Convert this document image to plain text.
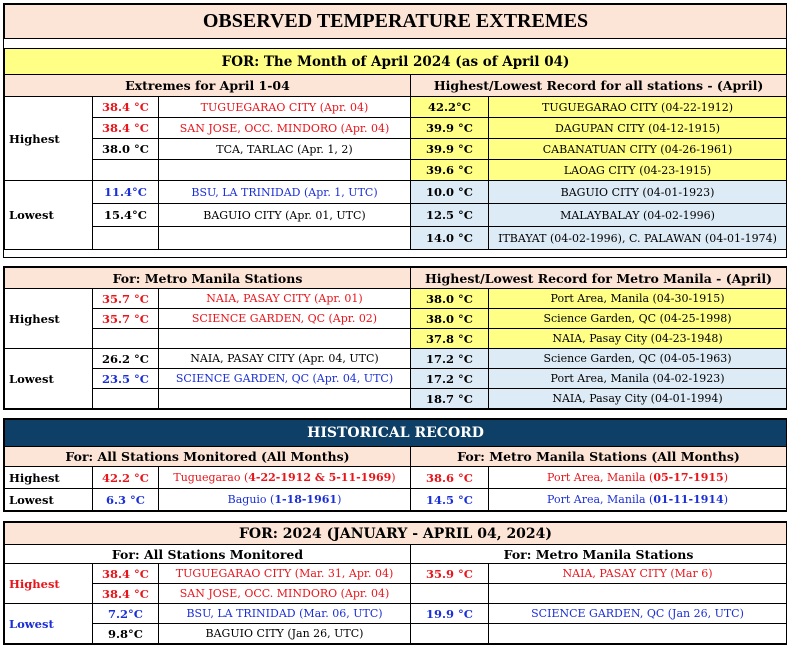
OBSERVED TEMPERATURE EXTREMES				

FOR: The Month of April 2024 (as of April 04)				
Extremes for April 1-04			Highest/Lowest Record for all stations - (April)	
Highest	38.4 °C	TUGUEGARAO CITY (Apr. 04)	42.2°C	TUGUEGARAO CITY (04-22-1912)
	38.4 °C	SAN JOSE, OCC. MINDORO (Apr. 04)	39.9 °C	DAGUPAN CITY (04-12-1915)
	38.0 °C	TCA, TARLAC (Apr. 1, 2)	39.9 °C	CABANATUAN CITY (04-26-1961)
			39.6 °C	LAOAG CITY (04-23-1915)
Lowest	11.4°C	BSU, LA TRINIDAD (Apr. 1, UTC)	10.0 °C	BAGUIO CITY (04-01-1923)
	15.4°C	BAGUIO CITY (Apr. 01, UTC)	12.5 °C	MALAYBALAY (04-02-1996)
			14.0 °C	ITBAYAT (04-02-1996), C. PALAWAN (04-01-1974)
For: Metro Manila Stations			Highest/Lowest Record for Metro Manila - (April)	
Highest	35.7 °C	NAIA, PASAY CITY (Apr. 01)	38.0 °C	Port Area, Manila (04-30-1915)
	35.7 °C	SCIENCE GARDEN, QC (Apr. 02)	38.0 °C	Science Garden, QC (04-25-1998)
			37.8 °C	NAIA, Pasay City (04-23-1948)
Lowest	26.2 °C	NAIA, PASAY CITY (Apr. 04, UTC)	17.2 °C	Science Garden, QC (04-05-1963)
	23.5 °C	SCIENCE GARDEN, QC (Apr. 04, UTC)	17.2 °C	Port Area, Manila (04-02-1923)
			18.7 °C	NAIA, Pasay City (04-01-1994)
HISTORICAL RECORD				
For: All Stations Monitored (All Months)			For: Metro Manila Stations (All Months)	
Highest	42.2 °C	Tuguegarao (4-22-1912 & 5-11-1969)	38.6 °C	Port Area, Manila (05-17-1915)
Lowest	6.3 °C	Baguio (1-18-1961)	14.5 °C	Port Area, Manila (01-11-1914)
FOR: 2024 (JANUARY - APRIL 04, 2024)				
For: All Stations Monitored			For: Metro Manila Stations	
Highest	38.4 °C	TUGUEGARAO CITY (Mar. 31, Apr. 04)	35.9 °C	NAIA, PASAY CITY (Mar 6)
	38.4 °C	SAN JOSE, OCC. MINDORO (Apr. 04)		
Lowest	7.2°C	BSU, LA TRINIDAD (Mar. 06, UTC)	19.9 °C	SCIENCE GARDEN, QC (Jan 26, UTC)
	9.8°C	BAGUIO CITY (Jan 26, UTC)		
